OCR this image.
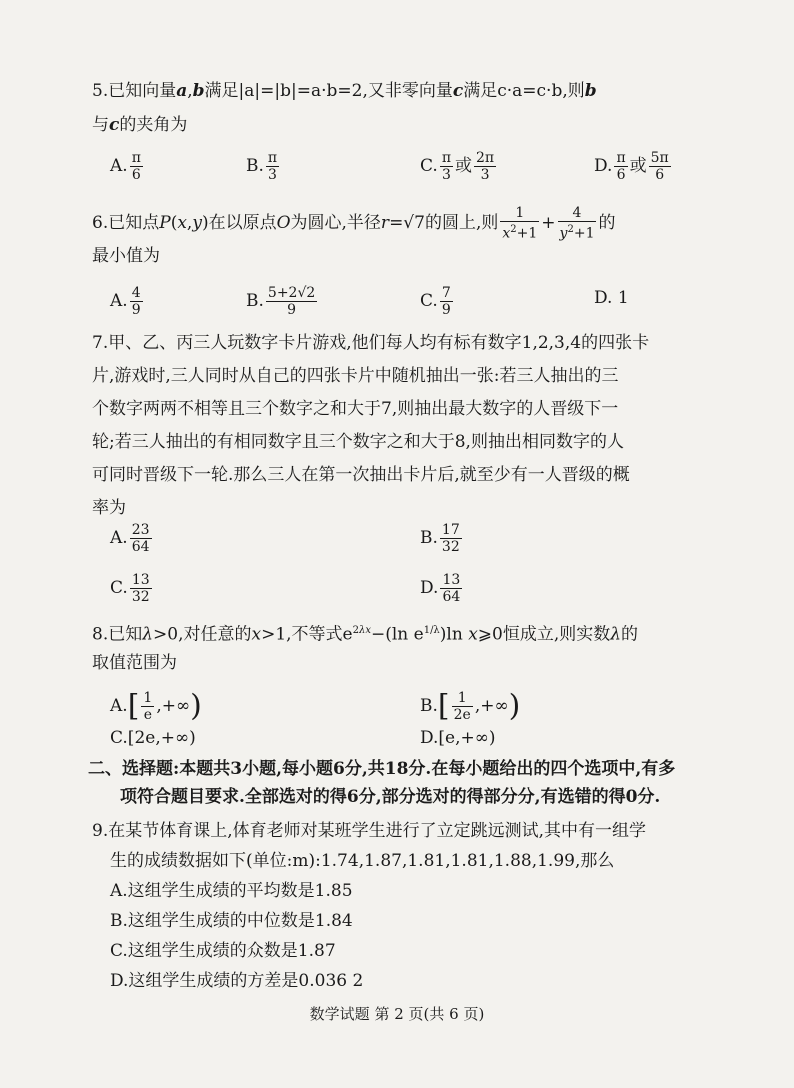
5.已知向量a,b满足|a|=|b|=a·b=2,又非零向量c满足c·a=c·b,则b
与c的夹角为
A. $\frac{\pi}{6}$	B. $\frac{\pi}{3}$	C. $\frac{\pi}{3}$ 或 $\frac{2\pi}{3}$	D. $\frac{\pi}{6}$ 或 $\frac{5\pi}{6}$
6.已知点P(x,y)在以原点O为圆心,半径r=√7的圆上,则 $\frac{1}{x^2+1} + \frac{4}{y^2+1}$ 的
最小值为
A. $\frac{4}{9}$	B. $\frac{5+2√2}{9}$	C. $\frac{7}{9}$	D. 1
7.甲、乙、丙三人玩数字卡片游戏,他们每人均有标有数字1,2,3,4的四张卡
片,游戏时,三人同时从自己的四张卡片中随机抽出一张:若三人抽出的三
个数字两两不相等且三个数字之和大于7,则抽出最大数字的人晋级下一
轮;若三人抽出的有相同数字且三个数字之和大于8,则抽出相同数字的人
可同时晋级下一轮.那么三人在第一次抽出卡片后,就至少有一人晋级的概
率为
A. $\frac{23}{64}$	B. $\frac{17}{32}$
C. $\frac{13}{32}$	D. $\frac{13}{64}$
8.已知λ>0,对任意的x>1,不等式$e^{2\lambda x}-(\ln$ $e^{1/\lambda})\ln$ x⩾0恒成立,则实数λ的
取值范围为
$A.[ \frac{1}{e}$ ,+∞)	$B.[ \frac{1}{2e}$ ,+∞)
C.[2e,+∞)	D.[e,+∞)
二、选择题:本题共3小题,每小题6分,共18分.在每小题给出的四个选项中,有多
项符合题目要求.全部选对的得6分,部分选对的得部分分,有选错的得0分.
9.在某节体育课上,体育老师对某班学生进行了立定跳远测试,其中有一组学
生的成绩数据如下(单位:m):1.74,1.87,1.81,1.81,1.88,1.99,那么
A.这组学生成绩的平均数是1.85
B.这组学生成绩的中位数是1.84
C.这组学生成绩的众数是1.87
D.这组学生成绩的方差是0.036 2
数学试题 第 2 页(共 6 页)
